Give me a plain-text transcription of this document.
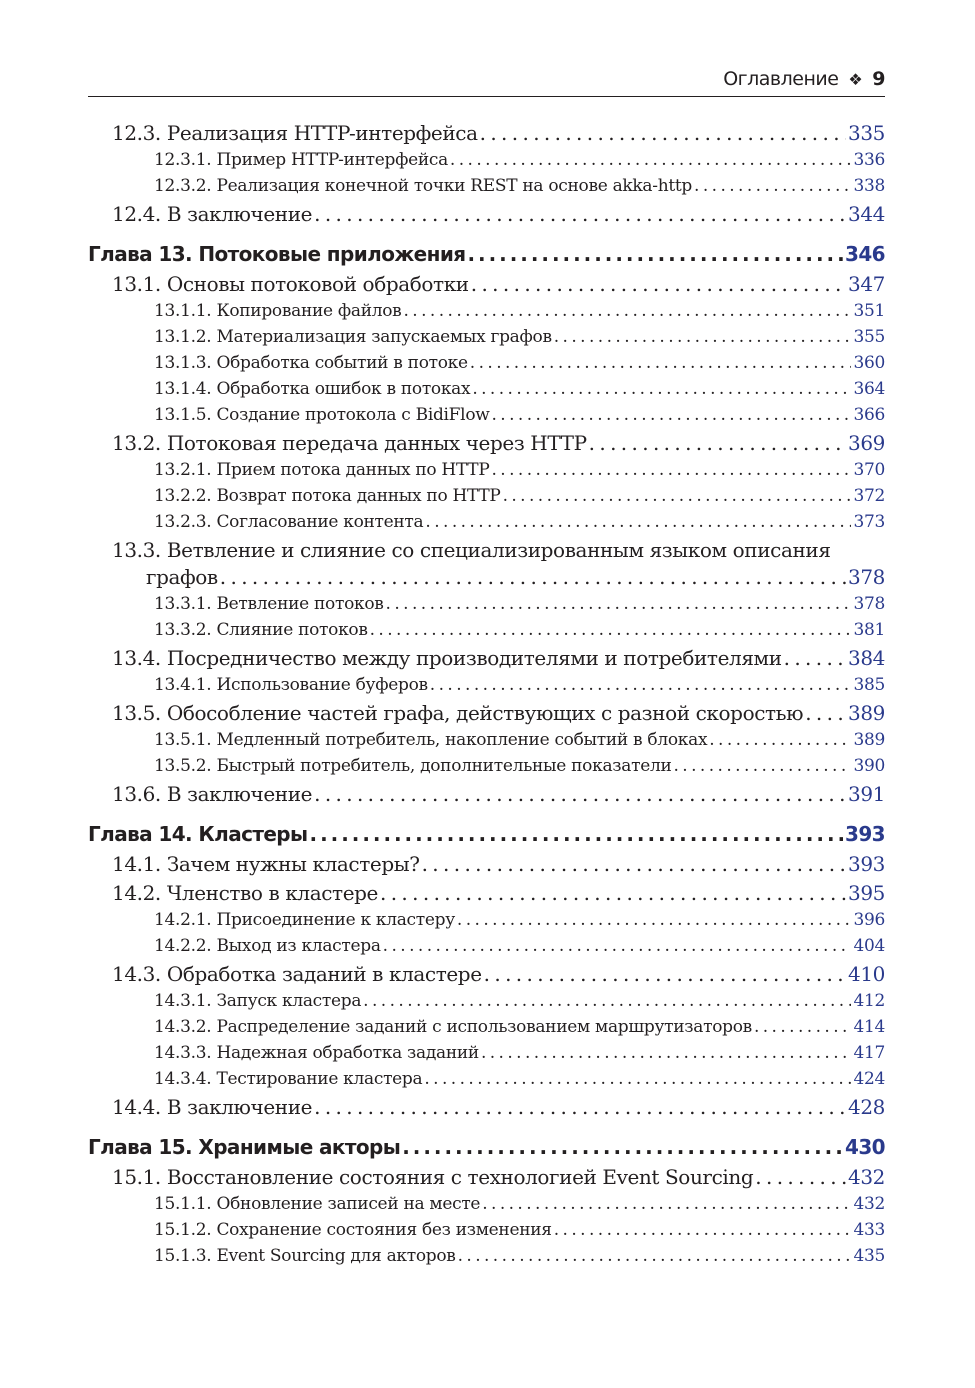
Оглавление ❖ 9
12.3. Реализация HTTP-интерфейса . . .	335
12.3.1. Пример HTTP-интерфейса . . .	336
12.3.2. Реализация конечной точки REST на основе akka-http . . .	338
12.4. В заключение . . .	344
Глава 13. Потоковые приложения . . .	346
13.1. Основы потоковой обработки . . .	347
13.1.1. Копирование файлов . . .	351
13.1.2. Материализация запускаемых графов . . .	355
13.1.3. Обработка событий в потоке . . .	360
13.1.4. Обработка ошибок в потоках . . .	364
13.1.5. Создание протокола с BidiFlow . . .	366
13.2. Потоковая передача данных через HTTP . . .	369
13.2.1. Прием потока данных по HTTP . . .	370
13.2.2. Возврат потока данных по HTTP . . .	372
13.2.3. Согласование контента . . .	373
13.3. Ветвление и слияние со специализированным языком описания
графов . . .	378
13.3.1. Ветвление потоков . . .	378
13.3.2. Слияние потоков . . .	381
13.4. Посредничество между производителями и потребителями . . .	384
13.4.1. Использование буферов . . .	385
13.5. Обособление частей графа, действующих с разной скоростью . . . 389
13.5.1. Медленный потребитель, накопление событий в блоках . . .	389
13.5.2. Быстрый потребитель, дополнительные показатели . . .	390
13.6. В заключение . . .	391
Глава 14. Кластеры . . .	393
14.1. Зачем нужны кластеры? . . .	393
14.2. Членство в кластере . . .	395
14.2.1. Присоединение к кластеру . . .	396
14.2.2. Выход из кластера . . .	404
14.3. Обработка заданий в кластере . . .	410
14.3.1. Запуск кластера . . .	412
14.3.2. Распределение заданий с использованием маршрутизаторов . . .	414
14.3.3. Надежная обработка заданий . . .	417
14.3.4. Тестирование кластера . . .	424
14.4. В заключение . . .	428
Глава 15. Хранимые акторы . . .	430
15.1. Восстановление состояния с технологией Event Sourcing . . .	432
15.1.1. Обновление записей на месте . . .	432
15.1.2. Сохранение состояния без изменения . . .	433
15.1.3. Event Sourcing для акторов . . .	435
